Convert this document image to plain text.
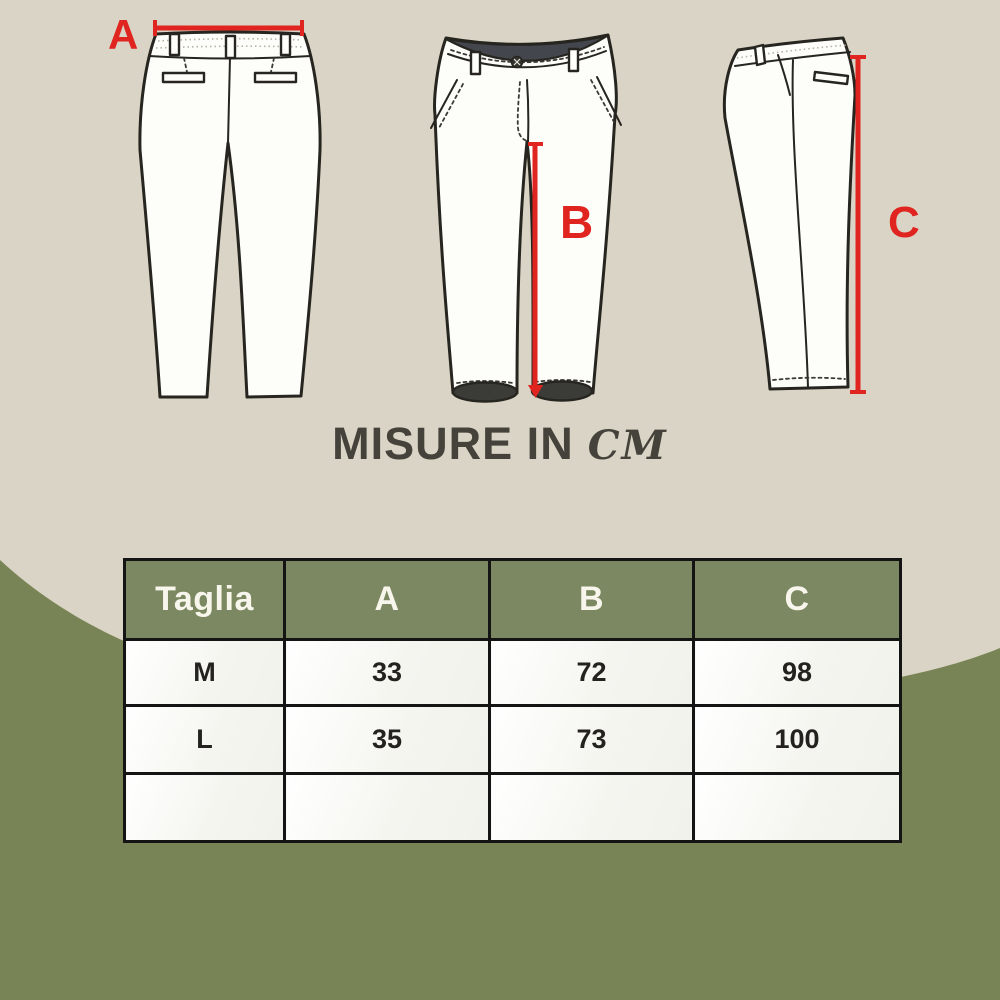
A
B	C
MISURE IN CM
Taglia	A	B	C
M	33	72	98
L	35	73	100
